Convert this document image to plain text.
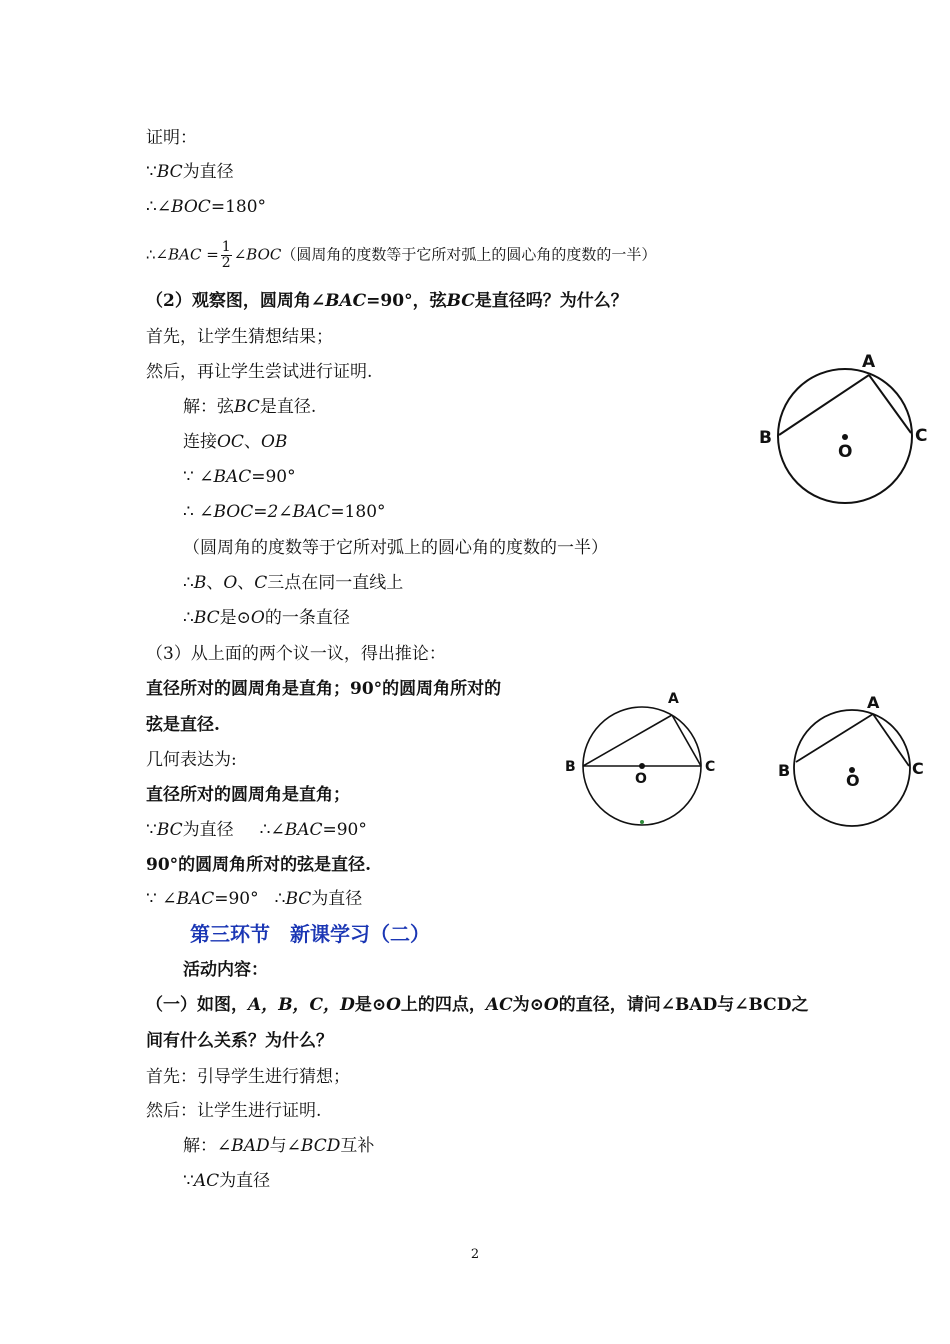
证明：
∵BC为直径
∴∠BOC=180°
∴∠BAC = $\frac{1}{2}$ ∠BOC（圆周角的度数等于它所对弧上的圆心角的度数的一半）
（2）观察图，圆周角∠BAC=90°，弦BC是直径吗？为什么？
首先，让学生猜想结果；
然后，再让学生尝试进行证明.
解：弦BC是直径.
连接OC、OB
∵ ∠BAC=90°
∴ ∠BOC=2∠BAC=180°
（圆周角的度数等于它所对弧上的圆心角的度数的一半）
∴B、O、C三点在同一直线上
∴BC是⊙O的一条直径
（3）从上面的两个议一议，得出推论：
直径所对的圆周角是直角；90°的圆周角所对的
弦是直径.
几何表达为:
直径所对的圆周角是直角；
∵BC为直径 ∴∠BAC=90°
90°的圆周角所对的弦是直径.
∵ ∠BAC=90° ∴BC为直径
第三环节　新课学习（二）
活动内容：
（一）如图，A，B，C，D是⊙O上的四点，AC为⊙O的直径，请问∠BAD与∠BCD之
间有什么关系？为什么？
首先：引导学生进行猜想；
然后：让学生进行证明.
解：∠BAD与∠BCD互补
∵AC为直径
A
B	C
O
A
B	C
O
A
B	C
O
2
